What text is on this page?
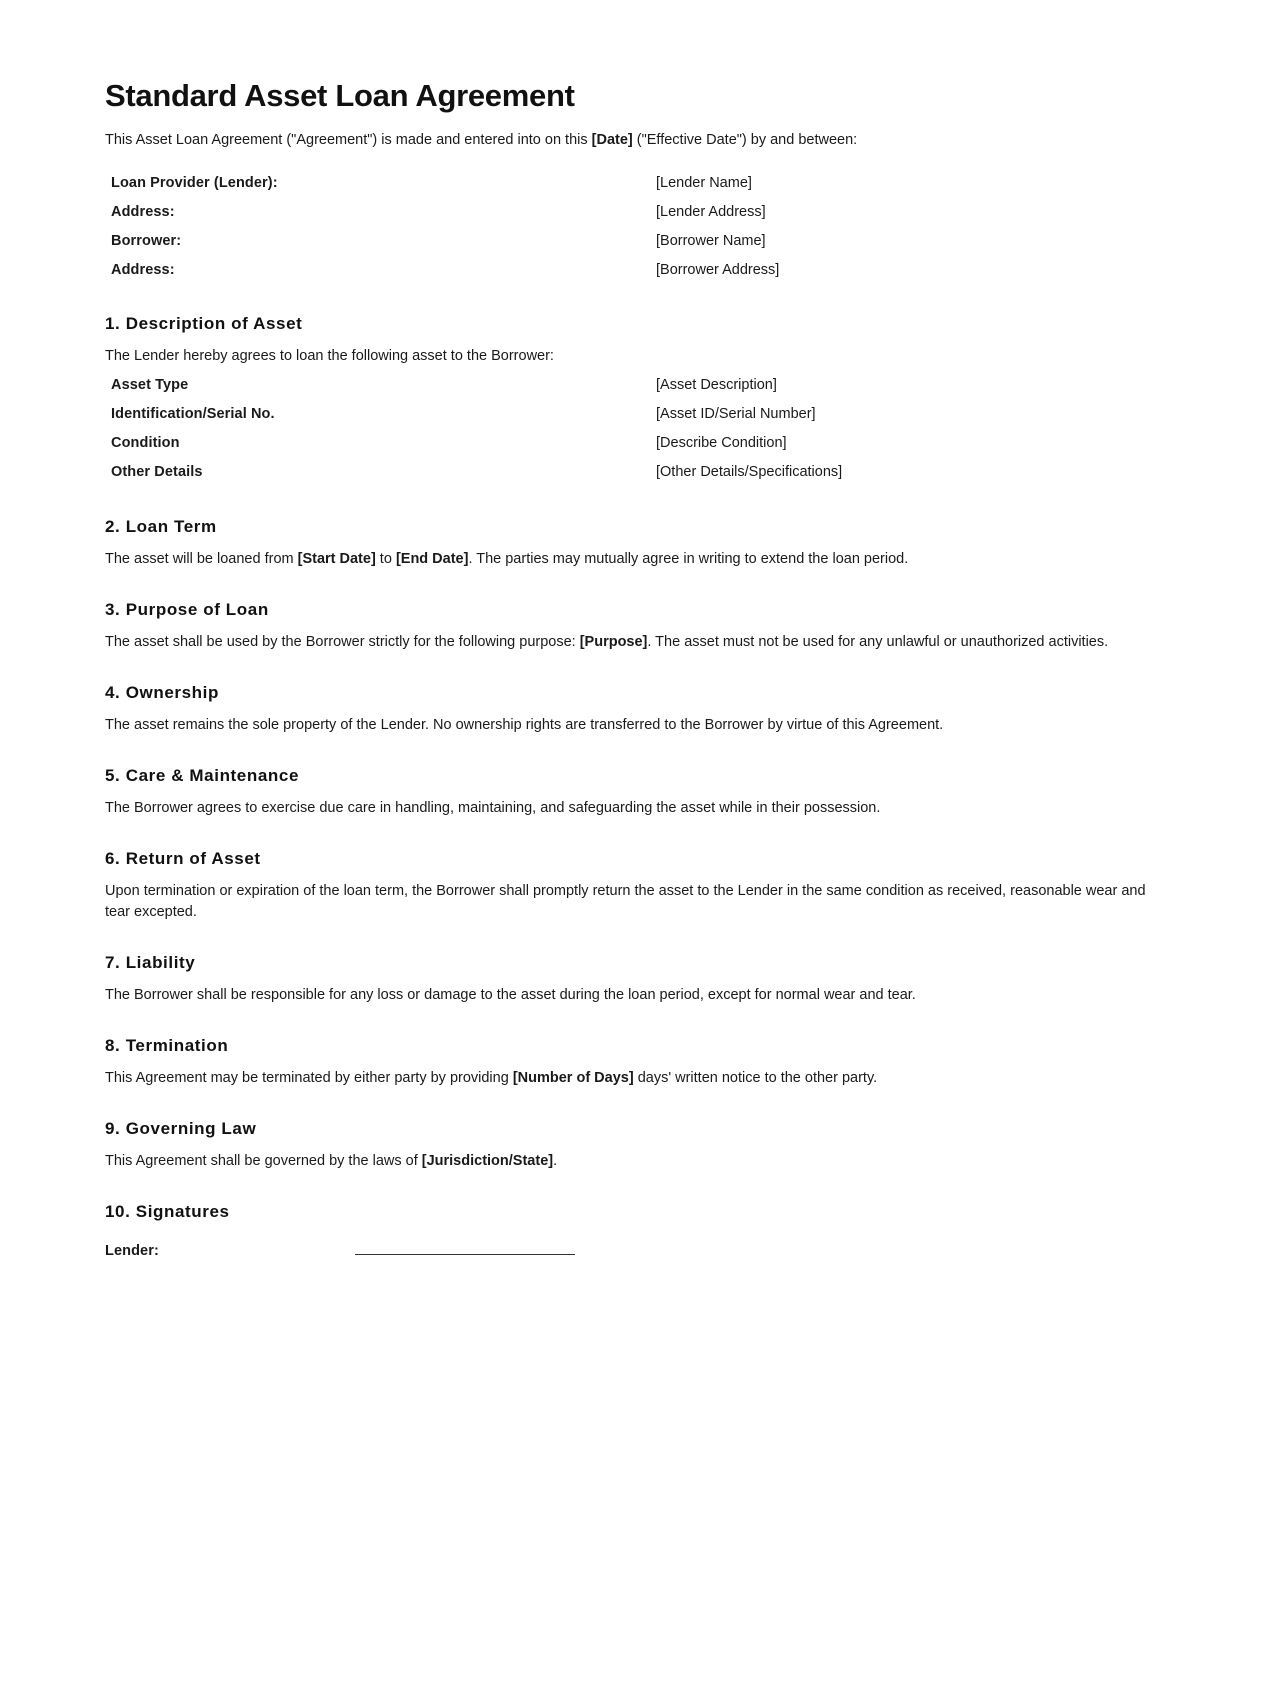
Standard Asset Loan Agreement

This Asset Loan Agreement ("Agreement") is made and entered into on this [Date] ("Effective Date") by and between:

Loan Provider (Lender):	[Lender Name]
Address:	[Lender Address]
Borrower:	[Borrower Name]
Address:	[Borrower Address]
1. Description of Asset

The Lender hereby agrees to loan the following asset to the Borrower:

Asset Type	[Asset Description]
Identification/Serial No.	[Asset ID/Serial Number]
Condition	[Describe Condition]
Other Details	[Other Details/Specifications]
2. Loan Term

The asset will be loaned from [Start Date] to [End Date]. The parties may mutually agree in writing to extend the loan period.

3. Purpose of Loan

The asset shall be used by the Borrower strictly for the following purpose: [Purpose]. The asset must not be used for any unlawful or unauthorized activities.

4. Ownership

The asset remains the sole property of the Lender. No ownership rights are transferred to the Borrower by virtue of this Agreement.

5. Care & Maintenance

The Borrower agrees to exercise due care in handling, maintaining, and safeguarding the asset while in their possession.

6. Return of Asset

Upon termination or expiration of the loan term, the Borrower shall promptly return the asset to the Lender in the same condition as received, reasonable wear and tear excepted.

7. Liability

The Borrower shall be responsible for any loss or damage to the asset during the loan period, except for normal wear and tear.

8. Termination

This Agreement may be terminated by either party by providing [Number of Days] days' written notice to the other party.

9. Governing Law

This Agreement shall be governed by the laws of [Jurisdiction/State].

10. Signatures
Lender:	
